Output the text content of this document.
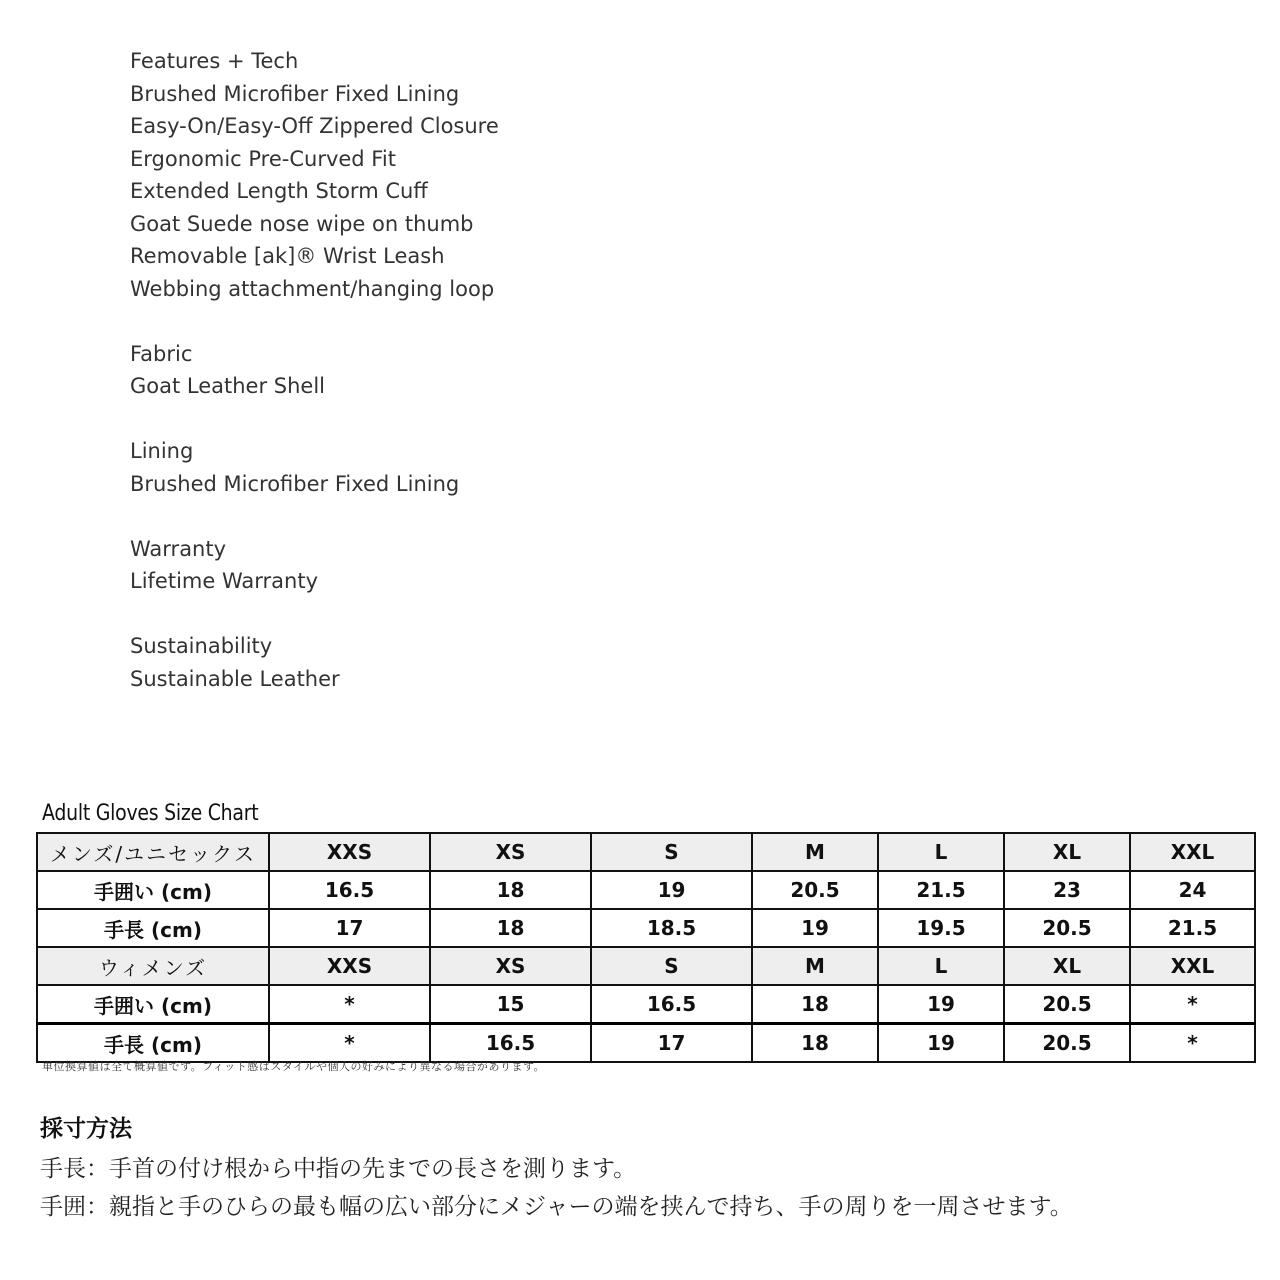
Features + Tech
Brushed Microfiber Fixed Lining
Easy-On/Easy-Off Zippered Closure
Ergonomic Pre-Curved Fit
Extended Length Storm Cuff
Goat Suede nose wipe on thumb
Removable [ak]® Wrist Leash
Webbing attachment/hanging loop
Fabric
Goat Leather Shell
Lining
Brushed Microfiber Fixed Lining
Warranty
Lifetime Warranty
Sustainability
Sustainable Leather
Adult Gloves Size Chart
メンズ/ユニセックス	XXS	XS	S	M	L	XL	XXL
手囲い (cm)	16.5	18	19	20.5	21.5	23	24
手長 (cm)	17	18	18.5	19	19.5	20.5	21.5
ウィメンズ	XXS	XS	S	M	L	XL	XXL
手囲い (cm)	*	15	16.5	18	19	20.5	*
手長 (cm)	*	16.5	17	18	19	20.5	*
単位換算値は全て概算値です。フィット感はスタイルや個人の好みにより異なる場合があります。
採寸方法
手長：手首の付け根から中指の先までの長さを測ります。
手囲：親指と手のひらの最も幅の広い部分にメジャーの端を挟んで持ち、手の周りを一周させます。
